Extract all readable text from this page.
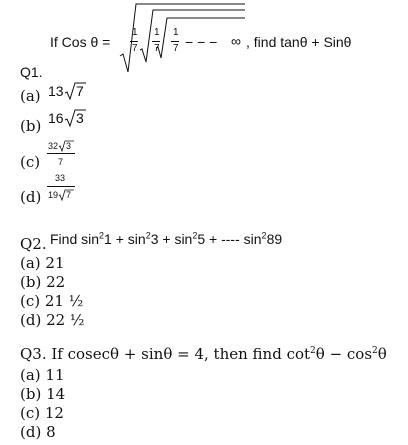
If Cos θ =
1
7
1
7
1
7 − − − ∞ , find tanθ + Sinθ
Q1.
(a) 13 7
(b) 16 3
(c)
32 3
7
(d)
33
19 7
Q2. Find $\sin^21 + \sin^23 + \sin^25$ + ---- $\sin^289$
(a) 21
(b) 22
(c) 21 ½
(d) 22 ½
Q3. If cosecθ + sinθ = 4, then find $\cot^2\theta - \cos^2\theta$
(a) 11
(b) 14
(c) 12
(d) 8
